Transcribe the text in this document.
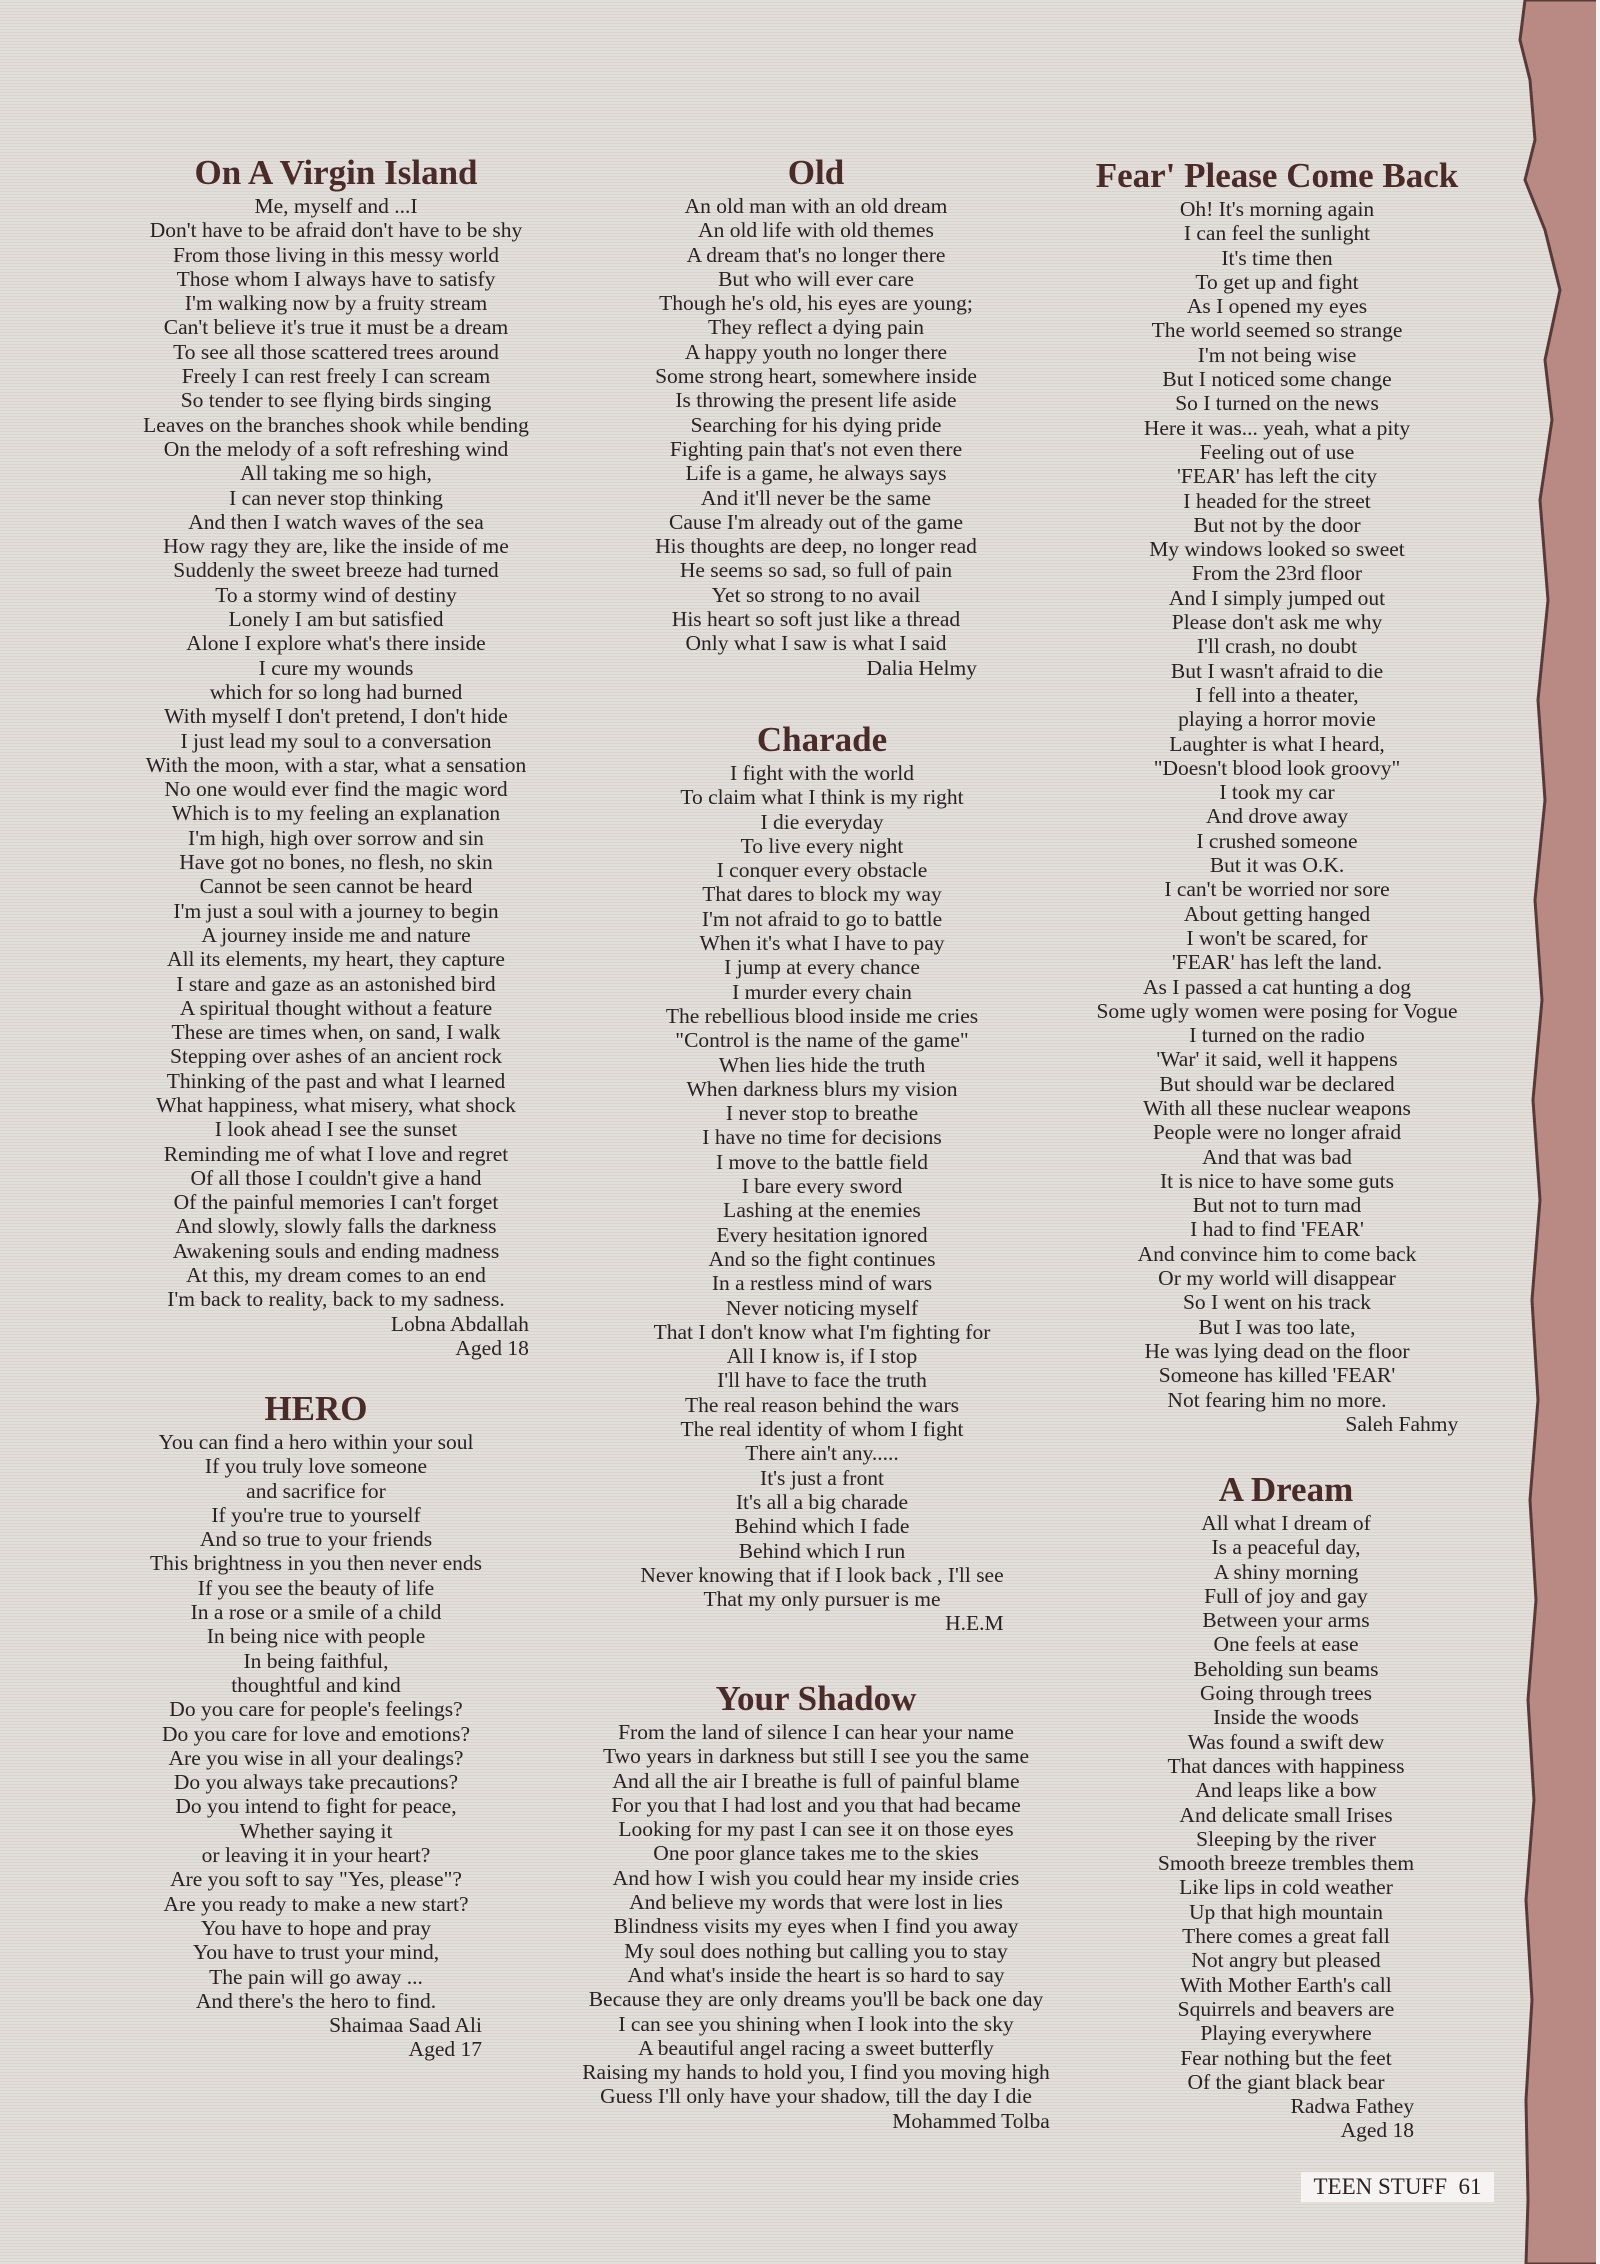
On A Virgin Island
Me, myself and ...I
Don't have to be afraid don't have to be shy
From those living in this messy world
Those whom I always have to satisfy
I'm walking now by a fruity stream
Can't believe it's true it must be a dream
To see all those scattered trees around
Freely I can rest freely I can scream
So tender to see flying birds singing
Leaves on the branches shook while bending
On the melody of a soft refreshing wind
All taking me so high,
I can never stop thinking
And then I watch waves of the sea
How ragy they are, like the inside of me
Suddenly the sweet breeze had turned
To a stormy wind of destiny
Lonely I am but satisfied
Alone I explore what's there inside
I cure my wounds
which for so long had burned
With myself I don't pretend, I don't hide
I just lead my soul to a conversation
With the moon, with a star, what a sensation
No one would ever find the magic word
Which is to my feeling an explanation
I'm high, high over sorrow and sin
Have got no bones, no flesh, no skin
Cannot be seen cannot be heard
I'm just a soul with a journey to begin
A journey inside me and nature
All its elements, my heart, they capture
I stare and gaze as an astonished bird
A spiritual thought without a feature
These are times when, on sand, I walk
Stepping over ashes of an ancient rock
Thinking of the past and what I learned
What happiness, what misery, what shock
I look ahead I see the sunset
Reminding me of what I love and regret
Of all those I couldn't give a hand
Of the painful memories I can't forget
And slowly, slowly falls the darkness
Awakening souls and ending madness
At this, my dream comes to an end
I'm back to reality, back to my sadness.
Lobna Abdallah
Aged 18
HERO
You can find a hero within your soul
If you truly love someone
and sacrifice for
If you're true to yourself
And so true to your friends
This brightness in you then never ends
If you see the beauty of life
In a rose or a smile of a child
In being nice with people
In being faithful,
thoughtful and kind
Do you care for people's feelings?
Do you care for love and emotions?
Are you wise in all your dealings?
Do you always take precautions?
Do you intend to fight for peace,
Whether saying it
or leaving it in your heart?
Are you soft to say "Yes, please"?
Are you ready to make a new start?
You have to hope and pray
You have to trust your mind,
The pain will go away ...
And there's the hero to find.
Shaimaa Saad Ali
Aged 17
Old
An old man with an old dream
An old life with old themes
A dream that's no longer there
But who will ever care
Though he's old, his eyes are young;
They reflect a dying pain
A happy youth no longer there
Some strong heart, somewhere inside
Is throwing the present life aside
Searching for his dying pride
Fighting pain that's not even there
Life is a game, he always says
And it'll never be the same
Cause I'm already out of the game
His thoughts are deep, no longer read
He seems so sad, so full of pain
Yet so strong to no avail
His heart so soft just like a thread
Only what I saw is what I said
Dalia Helmy
Charade
I fight with the world
To claim what I think is my right
I die everyday
To live every night
I conquer every obstacle
That dares to block my way
I'm not afraid to go to battle
When it's what I have to pay
I jump at every chance
I murder every chain
The rebellious blood inside me cries
"Control is the name of the game"
When lies hide the truth
When darkness blurs my vision
I never stop to breathe
I have no time for decisions
I move to the battle field
I bare every sword
Lashing at the enemies
Every hesitation ignored
And so the fight continues
In a restless mind of wars
Never noticing myself
That I don't know what I'm fighting for
All I know is, if I stop
I'll have to face the truth
The real reason behind the wars
The real identity of whom I fight
There ain't any.....
It's just a front
It's all a big charade
Behind which I fade
Behind which I run
Never knowing that if I look back , I'll see
That my only pursuer is me
H.E.M
Your Shadow
From the land of silence I can hear your name
Two years in darkness but still I see you the same
And all the air I breathe is full of painful blame
For you that I had lost and you that had became
Looking for my past I can see it on those eyes
One poor glance takes me to the skies
And how I wish you could hear my inside cries
And believe my words that were lost in lies
Blindness visits my eyes when I find you away
My soul does nothing but calling you to stay
And what's inside the heart is so hard to say
Because they are only dreams you'll be back one day
I can see you shining when I look into the sky
A beautiful angel racing a sweet butterfly
Raising my hands to hold you, I find you moving high
Guess I'll only have your shadow, till the day I die
Mohammed Tolba
Fear' Please Come Back
Oh! It's morning again
I can feel the sunlight
It's time then
To get up and fight
As I opened my eyes
The world seemed so strange
I'm not being wise
But I noticed some change
So I turned on the news
Here it was... yeah, what a pity
Feeling out of use
'FEAR' has left the city
I headed for the street
But not by the door
My windows looked so sweet
From the 23rd floor
And I simply jumped out
Please don't ask me why
I'll crash, no doubt
But I wasn't afraid to die
I fell into a theater,
playing a horror movie
Laughter is what I heard,
"Doesn't blood look groovy"
I took my car
And drove away
I crushed someone
But it was O.K.
I can't be worried nor sore
About getting hanged
I won't be scared, for
'FEAR' has left the land.
As I passed a cat hunting a dog
Some ugly women were posing for Vogue
I turned on the radio
'War' it said, well it happens
But should war be declared
With all these nuclear weapons
People were no longer afraid
And that was bad
It is nice to have some guts
But not to turn mad
I had to find 'FEAR'
And convince him to come back
Or my world will disappear
So I went on his track
But I was too late,
He was lying dead on the floor
Someone has killed 'FEAR'
Not fearing him no more.
Saleh Fahmy
A Dream
All what I dream of
Is a peaceful day,
A shiny morning
Full of joy and gay
Between your arms
One feels at ease
Beholding sun beams
Going through trees
Inside the woods
Was found a swift dew
That dances with happiness
And leaps like a bow
And delicate small Irises
Sleeping by the river
Smooth breeze trembles them
Like lips in cold weather
Up that high mountain
There comes a great fall
Not angry but pleased
With Mother Earth's call
Squirrels and beavers are
Playing everywhere
Fear nothing but the feet
Of the giant black bear
Radwa Fathey
Aged 18
TEEN STUFF 61
